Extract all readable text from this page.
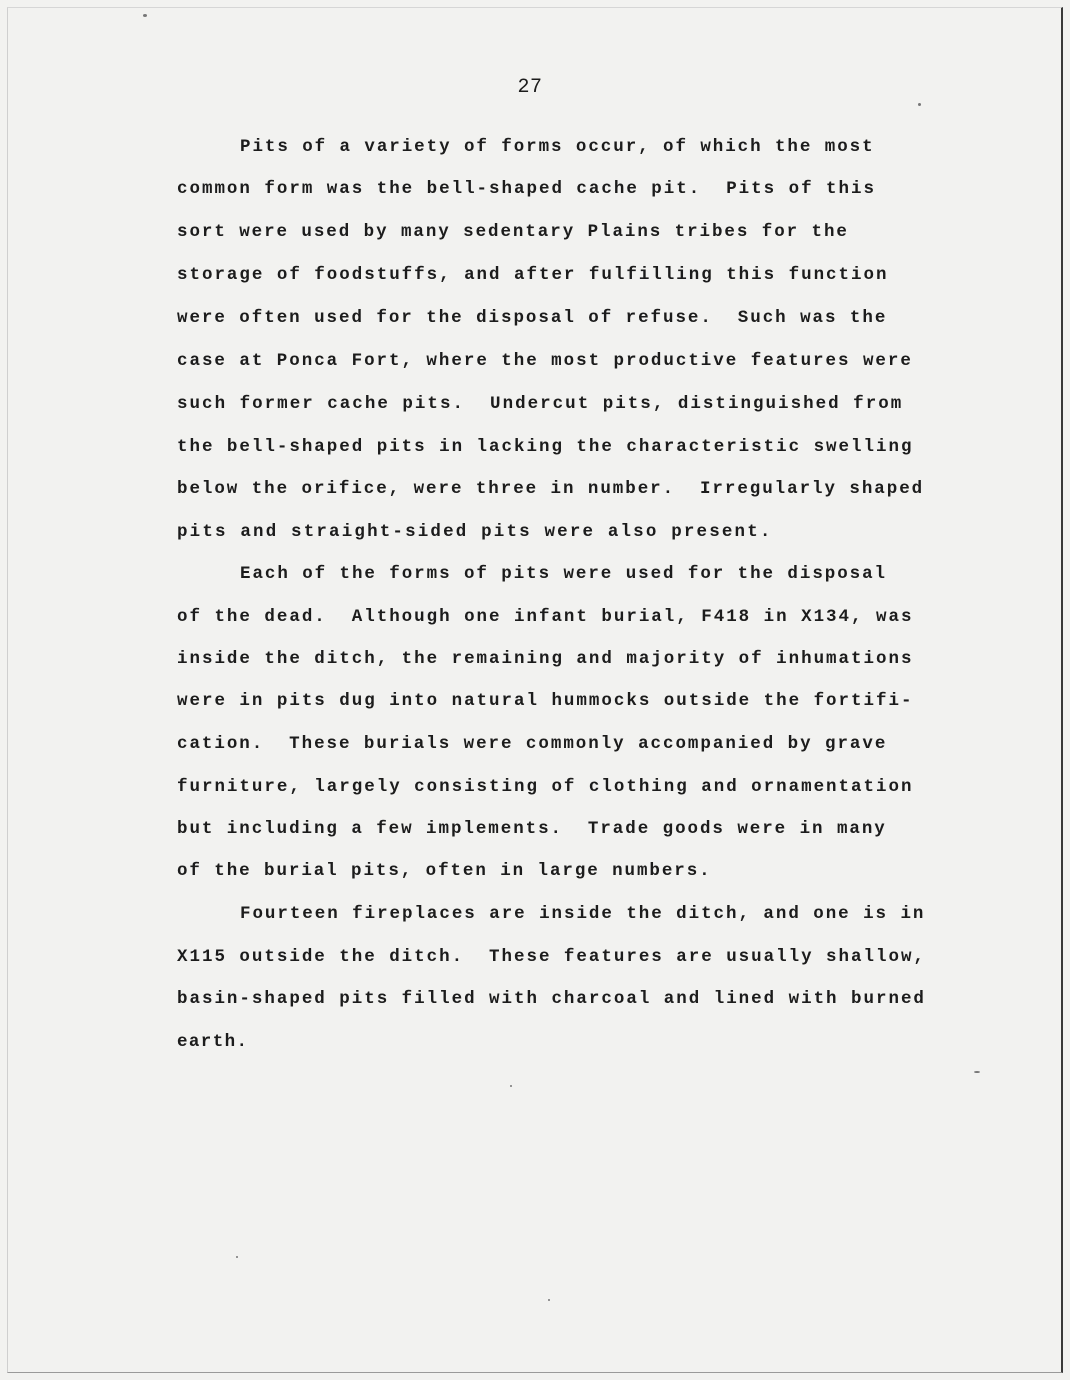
27
Pits of a variety of forms occur, of which the most
common form was the bell-shaped cache pit.  Pits of this
sort were used by many sedentary Plains tribes for the
storage of foodstuffs, and after fulfilling this function
were often used for the disposal of refuse.  Such was the
case at Ponca Fort, where the most productive features were
such former cache pits.  Undercut pits, distinguished from
the bell-shaped pits in lacking the characteristic swelling
below the orifice, were three in number.  Irregularly shaped
pits and straight-sided pits were also present.
Each of the forms of pits were used for the disposal
of the dead.  Although one infant burial, F418 in X134, was
inside the ditch, the remaining and majority of inhumations
were in pits dug into natural hummocks outside the fortifi-
cation.  These burials were commonly accompanied by grave
furniture, largely consisting of clothing and ornamentation
but including a few implements.  Trade goods were in many
of the burial pits, often in large numbers.
Fourteen fireplaces are inside the ditch, and one is in
X115 outside the ditch.  These features are usually shallow,
basin-shaped pits filled with charcoal and lined with burned
earth.
